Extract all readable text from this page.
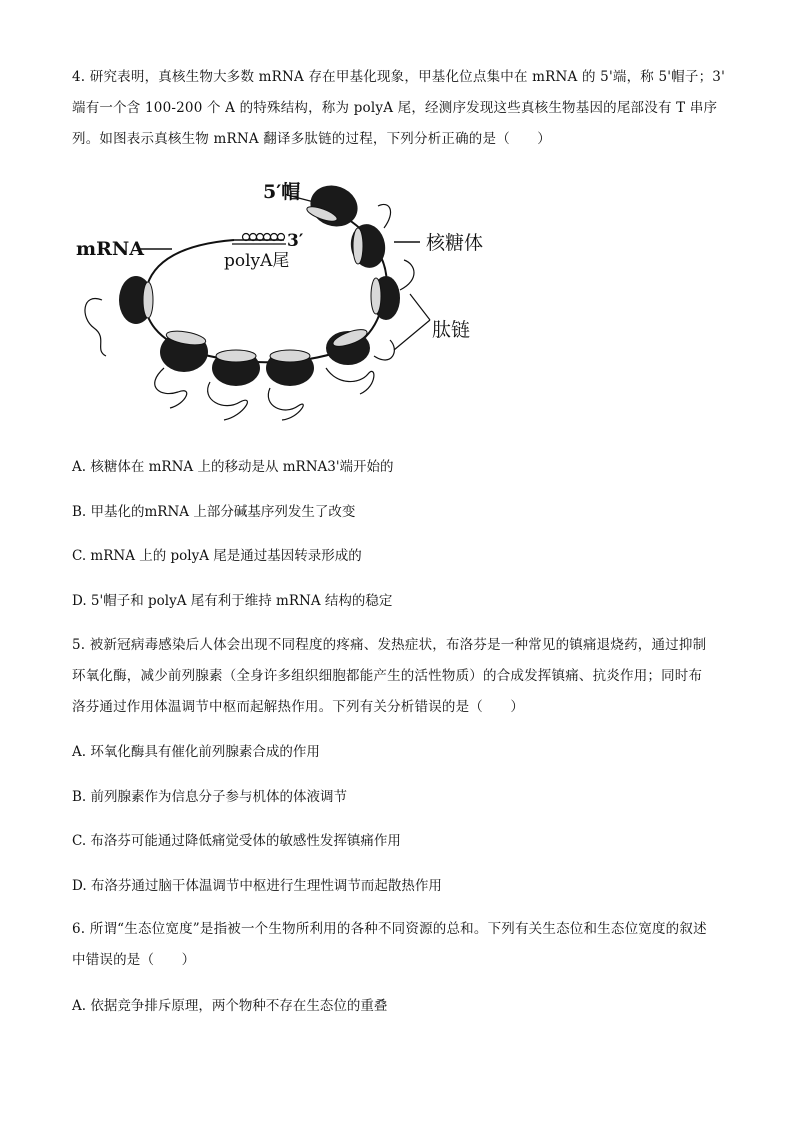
4. 研究表明，真核生物大多数 mRNA 存在甲基化现象，甲基化位点集中在 mRNA 的 5'端，称 5'帽子；3'
端有一个含 100-200 个 A 的特殊结构，称为 polyA 尾，经测序发现这些真核生物基因的尾部没有 T 串序
列。如图表示真核生物 mRNA 翻译多肽链的过程，下列分析正确的是（　　）
5′帽
mRNA	3′
polyA尾
核糖体
肽链
A. 核糖体在 mRNA 上的移动是从 mRNA3'端开始的
B. 甲基化的mRNA 上部分碱基序列发生了改变
C. mRNA 上的 polyA 尾是通过基因转录形成的
D. 5'帽子和 polyA 尾有利于维持 mRNA 结构的稳定
5. 被新冠病毒感染后人体会出现不同程度的疼痛、发热症状，布洛芬是一种常见的镇痛退烧药，通过抑制
环氧化酶，减少前列腺素（全身许多组织细胞都能产生的活性物质）的合成发挥镇痛、抗炎作用；同时布
洛芬通过作用体温调节中枢而起解热作用。下列有关分析错误的是（　　）
A. 环氧化酶具有催化前列腺素合成的作用
B. 前列腺素作为信息分子参与机体的体液调节
C. 布洛芬可能通过降低痛觉受体的敏感性发挥镇痛作用
D. 布洛芬通过脑干体温调节中枢进行生理性调节而起散热作用
6. 所谓“生态位宽度”是指被一个生物所利用的各种不同资源的总和。下列有关生态位和生态位宽度的叙述
中错误的是（　　）
A. 依据竞争排斥原理，两个物种不存在生态位的重叠
